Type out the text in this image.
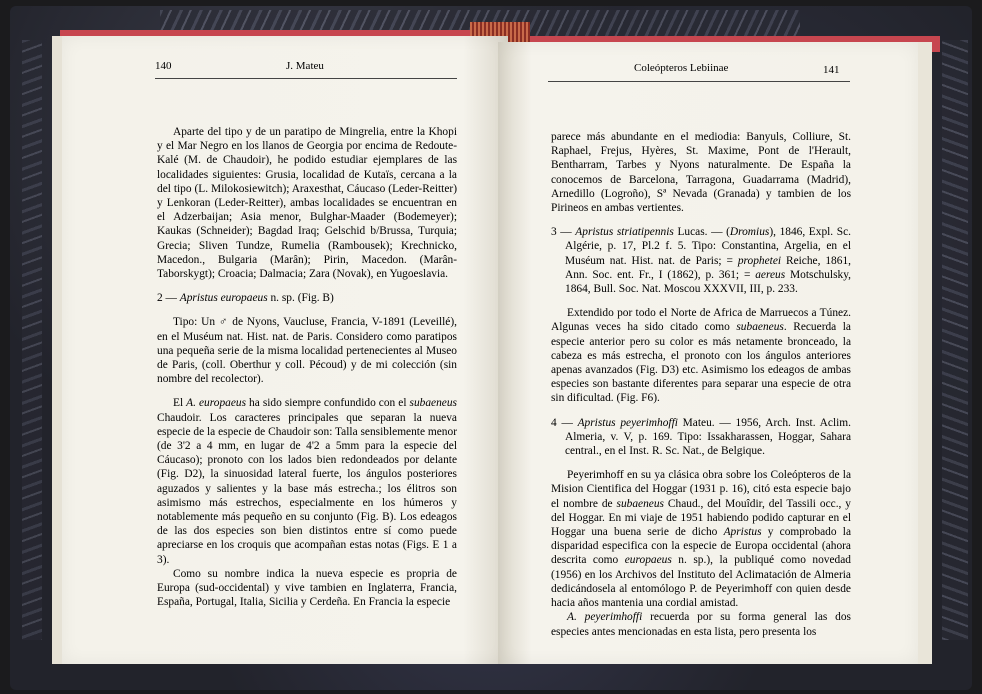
140	J. Mateu	Coleópteros Lebiinae	141

Aparte del tipo y de un paratipo de Mingrelia, entre la Khopi y el Mar Negro en los llanos de Georgia por encima de Redoute-Kalé (M. de Chaudoir), he podido estudiar ejemplares de las localidades siguientes: Grusia, localidad de Kutaïs, cercana a la del tipo (L. Milokosiewitch); Araxesthat, Cáucaso (Leder-Reitter) y Lenkoran (Leder-Reitter), ambas localidades se encuentran en el Adzerbaijan; Asia menor, Bulghar-Maader (Bodemeyer); Kaukas (Schneider); Bagdad Iraq; Gelschid b/Brussa, Turquia; Grecia; Sliven Tundze, Rumelia (Rambousek); Krechnicko, Macedon., Bulgaria (Marân); Pirin, Macedon. (Marân-Taborskygt); Croacia; Dalmacia; Zara (Novak), en Yugoeslavia.

2 — Apristus europaeus n. sp. (Fig. B)

Tipo: Un ♂ de Nyons, Vaucluse, Francia, V-1891 (Leveillé), en el Muséum nat. Hist. nat. de Paris. Considero como paratipos una pequeña serie de la misma localidad pertenecientes al Museo de Paris, (coll. Oberthur y coll. Pécoud) y de mi colección (sin nombre del recolector).

El A. europaeus ha sido siempre confundido con el subaeneus Chaudoir. Los caracteres principales que separan la nueva especie de la especie de Chaudoir son: Talla sensiblemente menor (de 3'2 a 4 mm, en lugar de 4'2 a 5mm para la especie del Cáucaso); pronoto con los lados bien redondeados por delante (Fig. D2), la sinuosidad lateral fuerte, los ángulos posteriores aguzados y salientes y la base más estrecha.; los élitros son asimismo más estrechos, especialmente en los húmeros y notablemente más pequeño en su conjunto (Fig. B). Los edeagos de las dos especies son bien distintos entre sí como puede apreciarse en los croquis que acompañan estas notas (Figs. E 1 a 3).

Como su nombre indica la nueva especie es propria de Europa (sud-occidental) y vive tambien en Inglaterra, Francia, España, Portugal, Italia, Sicilia y Cerdeña. En Francia la especie

parece más abundante en el mediodia: Banyuls, Colliure, St. Raphael, Frejus, Hyères, St. Maxime, Pont de l'Herault, Bentharram, Tarbes y Nyons naturalmente. De España la conocemos de Barcelona, Tarragona, Guadarrama (Madrid), Arnedillo (Logroño), Sª Nevada (Granada) y tambien de los Pirineos en ambas vertientes.

3 — Apristus striatipennis Lucas. — (Dromius), 1846, Expl. Sc. Algérie, p. 17, Pl.2 f. 5. Tipo: Constantina, Argelia, en el Muséum nat. Hist. nat. de Paris; = prophetei Reiche, 1861, Ann. Soc. ent. Fr., I (1862), p. 361; = aereus Motschulsky, 1864, Bull. Soc. Nat. Moscou XXXVII, III, p. 233.

Extendido por todo el Norte de Africa de Marruecos a Túnez. Algunas veces ha sido citado como subaeneus. Recuerda la especie anterior pero su color es más netamente bronceado, la cabeza es más estrecha, el pronoto con los ángulos anteriores apenas avanzados (Fig. D3) etc. Asimismo los edeagos de ambas especies son bastante diferentes para separar una especie de otra sin dificultad. (Fig. F6).

4 — Apristus peyerimhoffi Mateu. — 1956, Arch. Inst. Aclim. Almeria, v. V, p. 169. Tipo: Issakharassen, Hoggar, Sahara central., en el Inst. R. Sc. Nat., de Belgique.

Peyerimhoff en su ya clásica obra sobre los Coleópteros de la Mision Cientifica del Hoggar (1931 p. 16), citó esta especie bajo el nombre de subaeneus Chaud., del Mouîdir, del Tassili occ., y del Hoggar. En mi viaje de 1951 habiendo podido capturar en el Hoggar una buena serie de dicho Apristus y comprobado la disparidad especifica con la especie de Europa occidental (ahora descrita como europaeus n. sp.), la publiqué como novedad (1956) en los Archivos del Instituto del Aclimatación de Almeria dedicándosela al entomólogo P. de Peyerimhoff con quien desde hacia años mantenia una cordial amistad.

A. peyerimhoffi recuerda por su forma general las dos especies antes mencionadas en esta lista, pero presenta los
